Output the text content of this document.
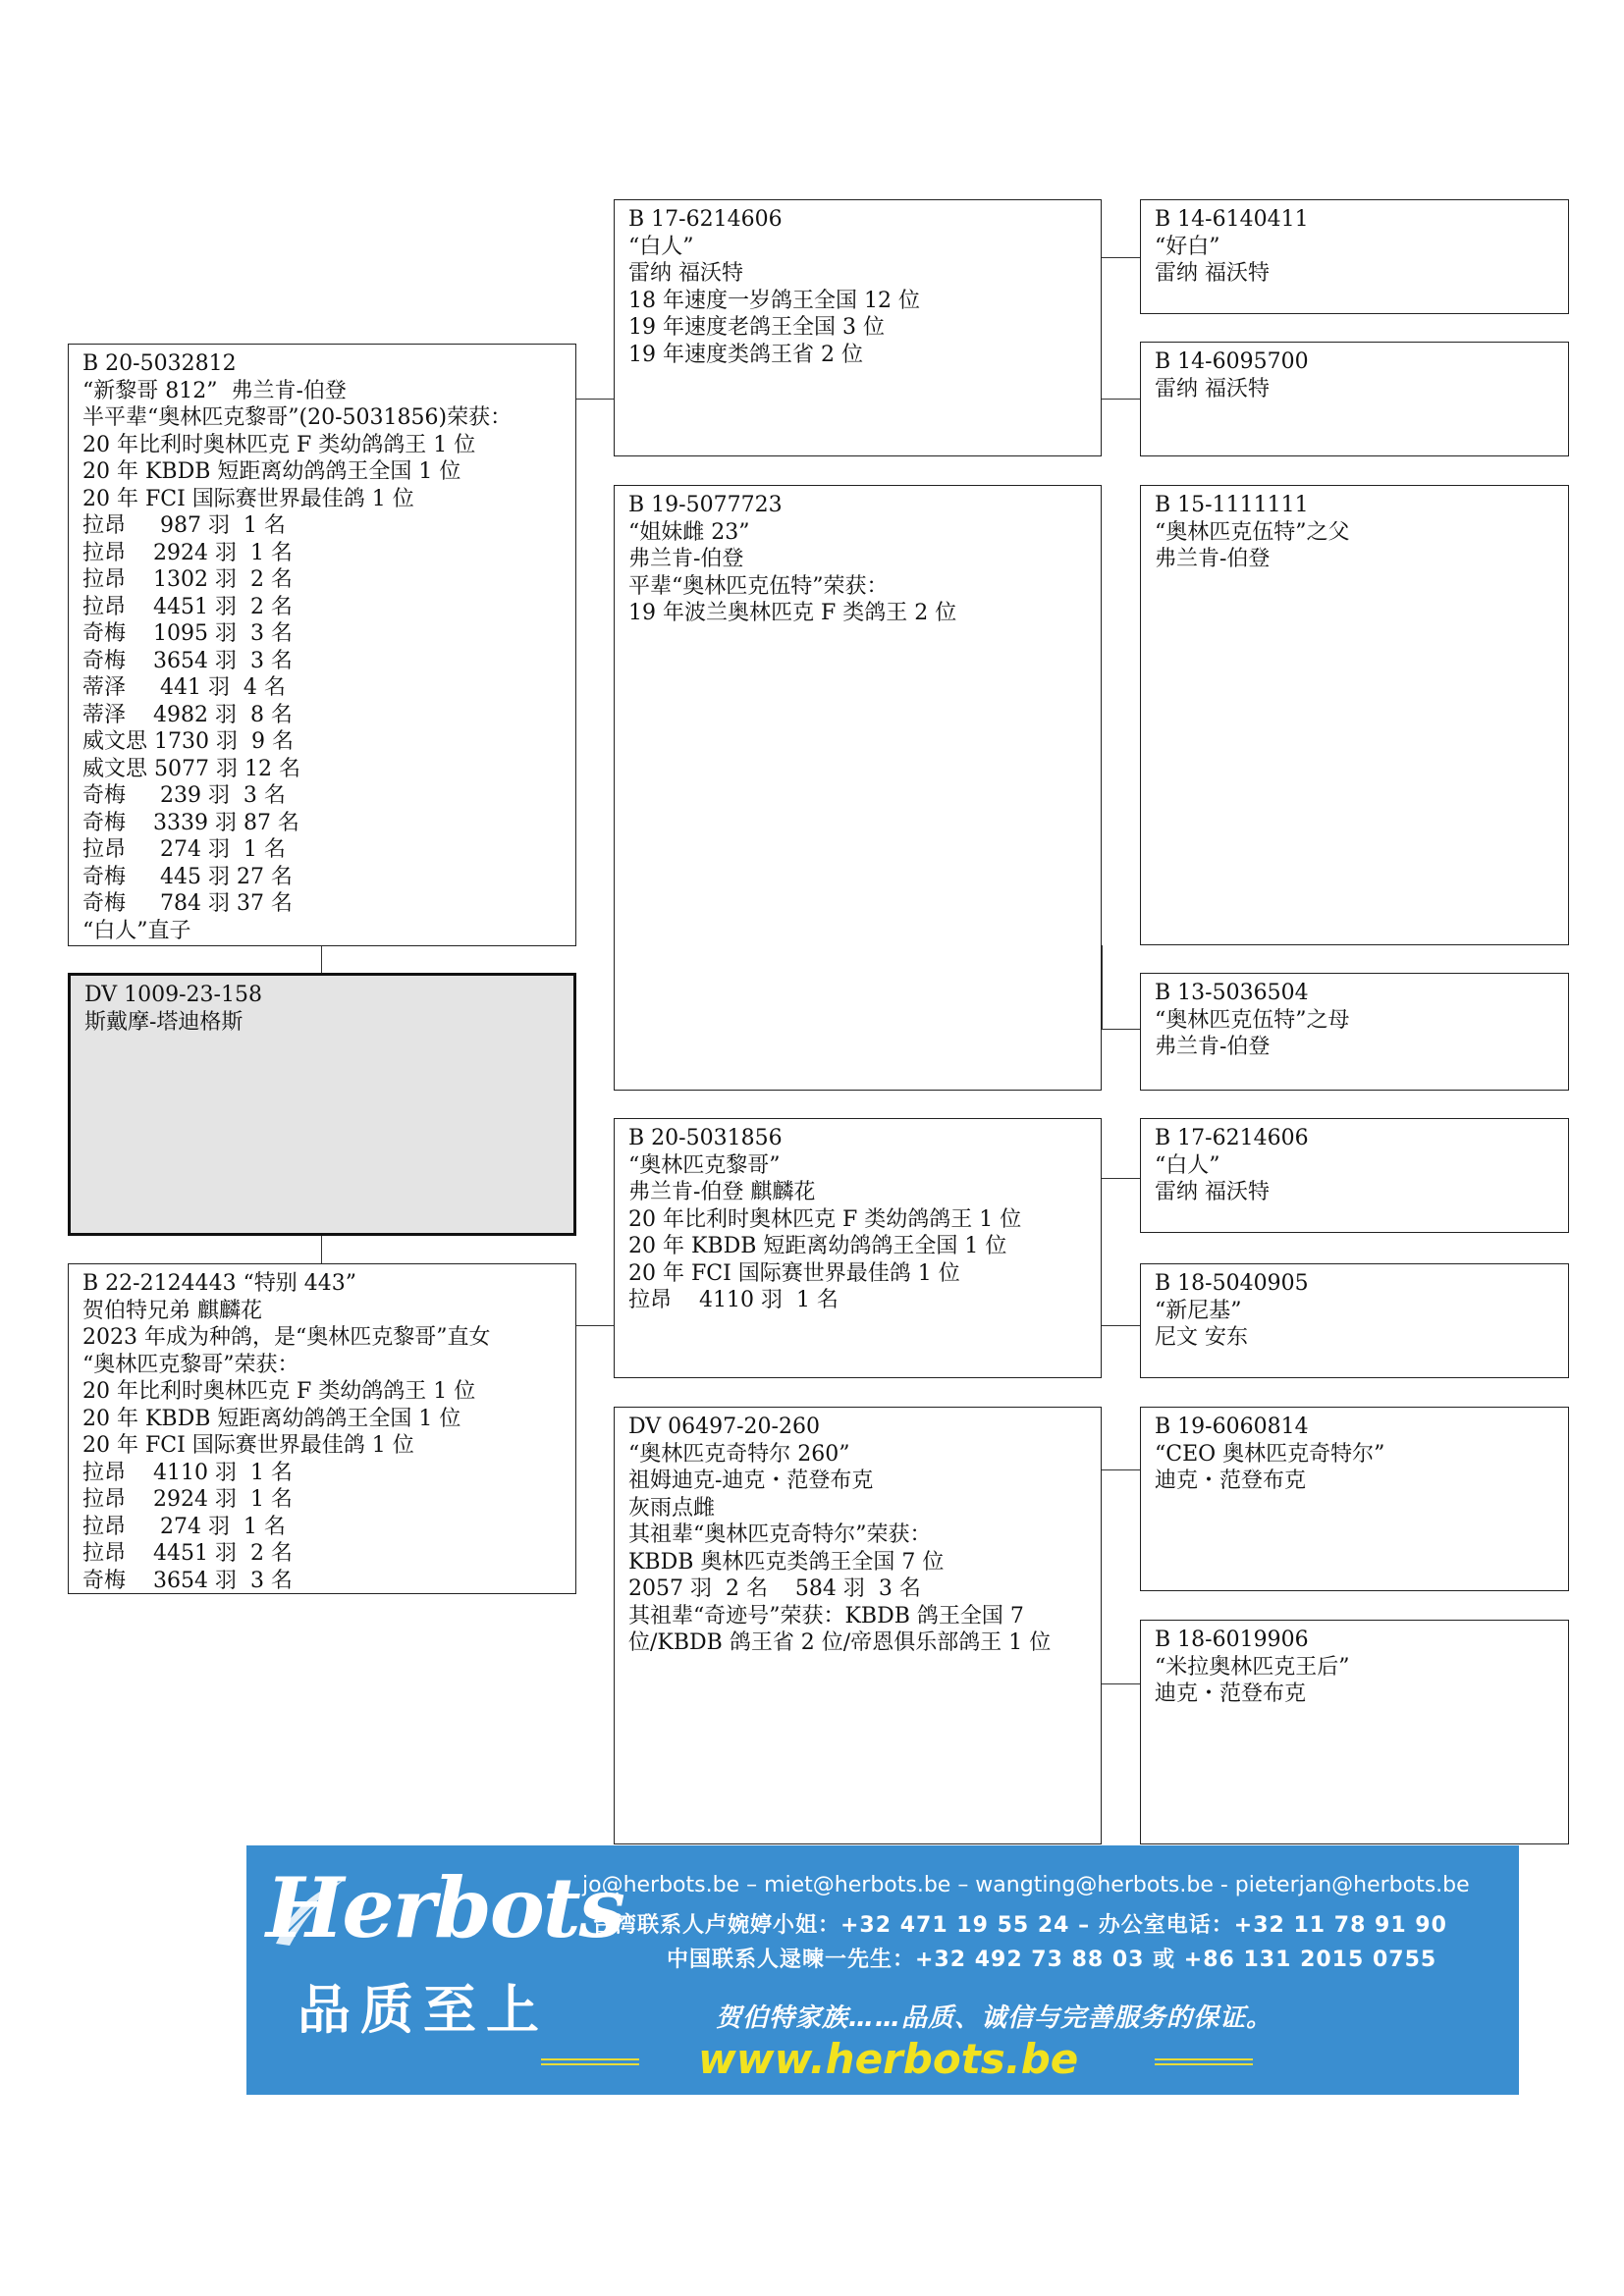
B 20-5032812
“新黎哥 812”  弗兰肯-伯登
半平辈“奥林匹克黎哥”(20-5031856)荣获：
20 年比利时奥林匹克 F 类幼鸽鸽王 1 位
20 年 KBDB 短距离幼鸽鸽王全国 1 位
20 年 FCI 国际赛世界最佳鸽 1 位
拉昂     987 羽  1 名
拉昂    2924 羽  1 名
拉昂    1302 羽  2 名
拉昂    4451 羽  2 名
奇梅    1095 羽  3 名
奇梅    3654 羽  3 名
蒂泽     441 羽  4 名
蒂泽    4982 羽  8 名
威文思 1730 羽  9 名
威文思 5077 羽 12 名
奇梅     239 羽  3 名
奇梅    3339 羽 87 名
拉昂     274 羽  1 名
奇梅     445 羽 27 名
奇梅     784 羽 37 名
“白人”直子
DV 1009-23-158
斯戴摩-塔迪格斯
B 22-2124443 “特别 443”
贺伯特兄弟 麒麟花
2023 年成为种鸽，是“奥林匹克黎哥”直女
“奥林匹克黎哥”荣获：
20 年比利时奥林匹克 F 类幼鸽鸽王 1 位
20 年 KBDB 短距离幼鸽鸽王全国 1 位
20 年 FCI 国际赛世界最佳鸽 1 位
拉昂    4110 羽  1 名
拉昂    2924 羽  1 名
拉昂     274 羽  1 名
拉昂    4451 羽  2 名
奇梅    3654 羽  3 名
B 17-6214606
“白人”
雷纳 福沃特
18 年速度一岁鸽王全国 12 位
19 年速度老鸽王全国 3 位
19 年速度类鸽王省 2 位
B 19-5077723
“姐妹雌 23”
弗兰肯-伯登
平辈“奥林匹克伍特”荣获：
19 年波兰奥林匹克 F 类鸽王 2 位
B 20-5031856
“奥林匹克黎哥”
弗兰肯-伯登 麒麟花
20 年比利时奥林匹克 F 类幼鸽鸽王 1 位
20 年 KBDB 短距离幼鸽鸽王全国 1 位
20 年 FCI 国际赛世界最佳鸽 1 位
拉昂    4110 羽  1 名
DV 06497-20-260
“奥林匹克奇特尔 260”
祖姆迪克-迪克・范登布克
灰雨点雌
其祖辈“奥林匹克奇特尔”荣获：
KBDB 奥林匹克类鸽王全国 7 位
2057 羽  2 名    584 羽  3 名
其祖辈“奇迹号”荣获：KBDB 鸽王全国 7
位/KBDB 鸽王省 2 位/帝恩俱乐部鸽王 1 位
B 14-6140411
“好白”
雷纳 福沃特
B 14-6095700
雷纳 福沃特
B 15-1111111
“奥林匹克伍特”之父
弗兰肯-伯登
B 13-5036504
“奥林匹克伍特”之母
弗兰肯-伯登
B 17-6214606
“白人”
雷纳 福沃特
B 18-5040905
“新尼基”
尼文 安东
B 19-6060814
“CEO 奥林匹克奇特尔”
迪克・范登布克
B 18-6019906
“米拉奥林匹克王后”
迪克・范登布克
Herbots
品质至上
jo@herbots.be – miet@herbots.be – wangting@herbots.be - pieterjan@herbots.be
台湾联系人卢婉婷小姐：+32 471 19 55 24 – 办公室电话：+32 11 78 91 90
中国联系人逯暕一先生：+32 492 73 88 03 或 +86 131 2015 0755
贺伯特家族……品质、诚信与完善服务的保证。
www.herbots.be
